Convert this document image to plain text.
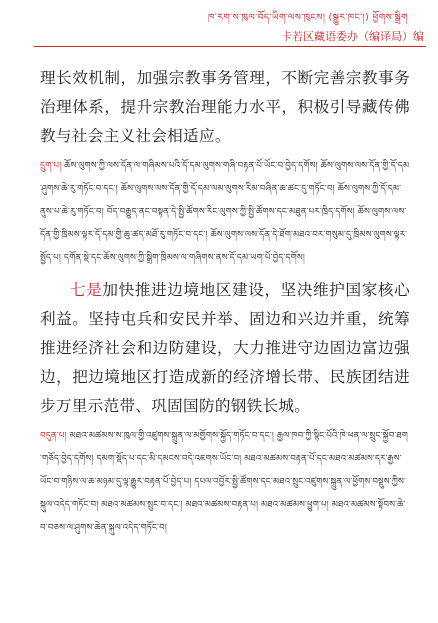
ཁ་རག་ས་ཁུལ་བོད་ཡིག་ལས་ཁུངས། (སྒྱུར་ཁང་།) ཕྱོགས་སྒྲིག
卡若区藏语委办（编译局）编

理长效机制，加强宗教事务管理，不断完善宗教事务治理体系，提升宗教治理能力水平，积极引导藏传佛教与社会主义社会相适应。

དྲུག་པ། ཆོས་ལུགས་ཀྱི་ལས་དོན་ལ་གཞིམས་པའི་དོ་དམ་ལུགས་གཞི་བརྟན་པོ་ཡོང་བ་བྱེད་དགོས། ཆོས་ལུགས་ལས་དོན་གྱི་དོ་དམ་ཤུགས་ཆེ་རུ་གཏོང་བ་དང་། ཆོས་ལུགས་ལས་དོན་གྱི་དོ་དམ་ལམ་ལུགས་རིམ་བཞིན་ཆ་ཚང་དུ་གཏོང་བ། ཆོས་ལུགས་ཀྱི་དོ་དམ་ནུས་པ་ཆེ་རུ་གཏོང་བ། བོད་བརྒྱུད་ནང་བསྟན་དེ་སྤྱི་ཚོགས་རིང་ལུགས་ཀྱི་སྤྱི་ཚོགས་དང་མཐུན་པར་ཁྲིད་དགོས། ཆོས་ལུགས་ལས་དོན་གྱི་ཁྲིམས་ལྟར་དོ་དམ་གྱི་ཆུ་ཚད་མཐོ་རུ་གཏོང་བ་དང་། ཆོས་ལུགས་ལས་དོན་དེ་ཐོག་མཐའ་བར་གསུམ་དུ་ཁྲིམས་ལུགས་ལྟར་སྤྱོད་པ། དགོན་སྡེ་དང་ཆོས་ལུགས་ཀྱི་སྒྲིག་ཁྲིམས་ལ་གཞིགས་ནས་དོ་དམ་ཡག་པོ་བྱེད་དགོས།

七是加快推进边境地区建设，坚决维护国家核心利益。坚持屯兵和安民并举、固边和兴边并重，统筹推进经济社会和边防建设，大力推进守边固边富边强边，把边境地区打造成新的经济增长带、民族团结进步万里示范带、巩固国防的钢铁长城。

བདུན་པ། མཐའ་མཚམས་ས་ཁུལ་གྱི་འཛུགས་སྐྲུན་ལ་མགྱོགས་སྐྱོད་གཏོང་བ་དང་། རྒྱལ་ཁབ་ཀྱི་སྙིང་པོའི་ཁེ་ཕན་ལ་སྲུང་སྐྱོབ་ཐག་གཅོད་བྱེད་དགོས། དམག་སྡོད་པ་དང་མི་དམངས་བདེ་འཇགས་ཡོང་བ། མཐའ་མཚམས་བརྟན་པོ་དང་མཐའ་མཚམས་དར་རྒྱས་ཡོང་བ་གཉིས་ལ་ཆ་མཉམ་དུ་ལྟ་རྒྱུར་བརྟན་པོ་བྱེད་པ། དཔལ་འབྱོར་སྤྱི་ཚོགས་དང་མཐའ་སྲུང་འཛུགས་སྐྲུན་ལ་ཕྱོགས་བསྡུས་ཀྱིས་སྐུལ་འདེད་གཏོང་བ། མཐའ་མཚམས་སྲུང་བ་དང་། མཐའ་མཚམས་བརྟན་པ། མཐའ་མཚམས་ཕྱུག་པ། མཐའ་མཚམས་སྟོབས་ཆེ་བ་བཅས་ལ་ཤུགས་ཆེན་སྐུལ་འདེད་གཏོང་བ།
